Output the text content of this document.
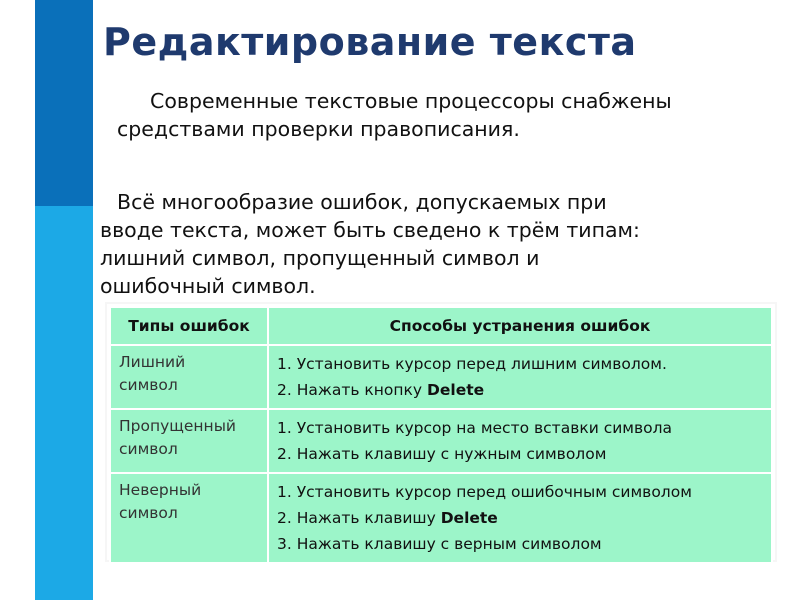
Редактирование текста

Современные текстовые процессоры снабжены
средствами проверки правописания.

Всё многообразие ошибок, допускаемых при
вводе текста, может быть сведено к трём типам:
лишний символ, пропущенный символ и
ошибочный символ.

Типы ошибок	Способы устранения ошибок

Лишний
символ	1. Установить курсор перед лишним символом.
2. Нажать кнопку Delete

Пропущенный
символ	1. Установить курсор на место вставки символа
2. Нажать клавишу с нужным символом

Неверный
символ	1. Установить курсор перед ошибочным символом
2. Нажать клавишу Delete
3. Нажать клавишу с верным символом
